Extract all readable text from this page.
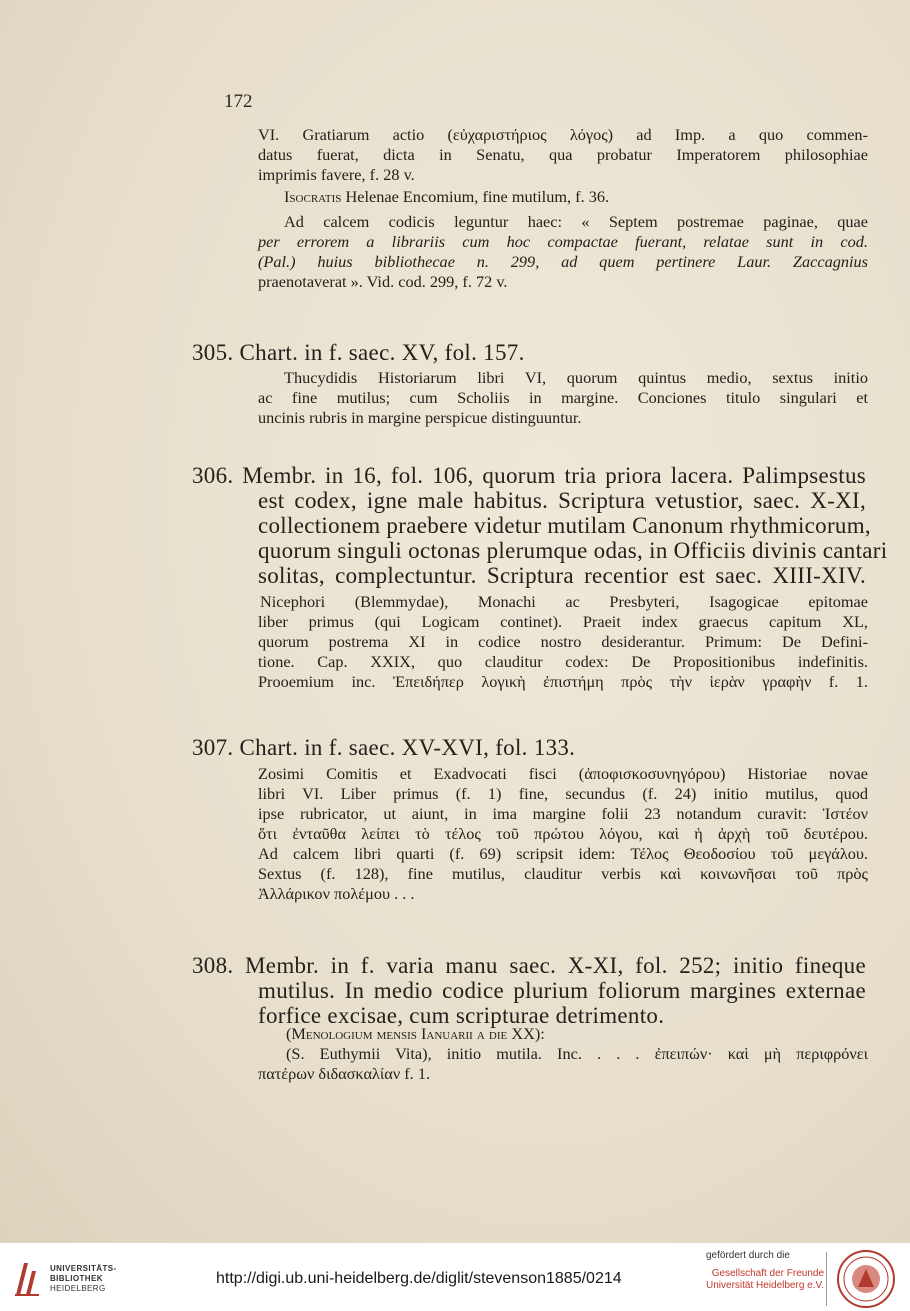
172
VI. Gratiarum actio (εὐχαριστήριος λόγος) ad Imp. a quo commen-
datus fuerat, dicta in Senatu, qua probatur Imperatorem philosophiae
imprimis favere, f. 28 v.
Isocratis Helenae Encomium, fine mutilum, f. 36.
Ad calcem codicis leguntur haec: « Septem postremae paginae, quae
per errorem a librariis cum hoc compactae fuerant, relatae sunt in cod.
(Pal.) huius bibliothecae n. 299, ad quem pertinere Laur. Zaccagnius
praenotaverat ». Vid. cod. 299, f. 72 v.
305. Chart. in f. saec. XV, fol. 157.
Thucydidis Historiarum libri VI, quorum quintus medio, sextus initio
ac fine mutilus; cum Scholiis in margine. Conciones titulo singulari et
uncinis rubris in margine perspicue distinguuntur.
306. Membr. in 16, fol. 106, quorum tria priora lacera. Palimpsestus
est codex, igne male habitus. Scriptura vetustior, saec. X-XI,
collectionem praebere videtur mutilam Canonum rhythmicorum,
quorum singuli octonas plerumque odas, in Officiis divinis cantari
solitas, complectuntur. Scriptura recentior est saec. XIII-XIV.
Nicephori (Blemmydae), Monachi ac Presbyteri, Isagogicae epitomae
liber primus (qui Logicam continet). Praeit index graecus capitum XL,
quorum postrema XI in codice nostro desiderantur. Primum: De Defini-
tione. Cap. XXIX, quo clauditur codex: De Propositionibus indefinitis.
Prooemium inc. Ἐπειδήπερ λογικὴ ἐπιστήμη πρὸς τὴν ἱερὰν γραφὴν f. 1.
307. Chart. in f. saec. XV-XVI, fol. 133.
Zosimi Comitis et Exadvocati fisci (ἀποφισκοσυνηγόρου) Historiae novae
libri VI. Liber primus (f. 1) fine, secundus (f. 24) initio mutilus, quod
ipse rubricator, ut aiunt, in ima margine folii 23 notandum curavit: Ἰστέον
ὅτι ἐνταῦθα λείπει τὸ τέλος τοῦ πρώτου λόγου, καὶ ἡ ἀρχὴ τοῦ δευτέρου.
Ad calcem libri quarti (f. 69) scripsit idem: Τέλος Θεοδοσίου τοῦ μεγάλου.
Sextus (f. 128), fine mutilus, clauditur verbis καὶ κοινωνῆσαι τοῦ πρὸς
Ἀλλάρικον πολέμου . . .
308. Membr. in f. varia manu saec. X-XI, fol. 252; initio fineque
mutilus. In medio codice plurium foliorum margines externae
forfice excisae, cum scripturae detrimento.
(Menologium mensis Ianuarii a die XX):
(S. Euthymii Vita), initio mutila. Inc. . . . ἐπειπών· καὶ μὴ περιφρόνει
πατέρων διδασκαλίαν f. 1.
UNIVERSITÄTS-
BIBLIOTHEK
HEIDELBERG
http://digi.ub.uni-heidelberg.de/diglit/stevenson1885/0214
gefördert durch die
Gesellschaft der Freunde
Universität Heidelberg e.V.
